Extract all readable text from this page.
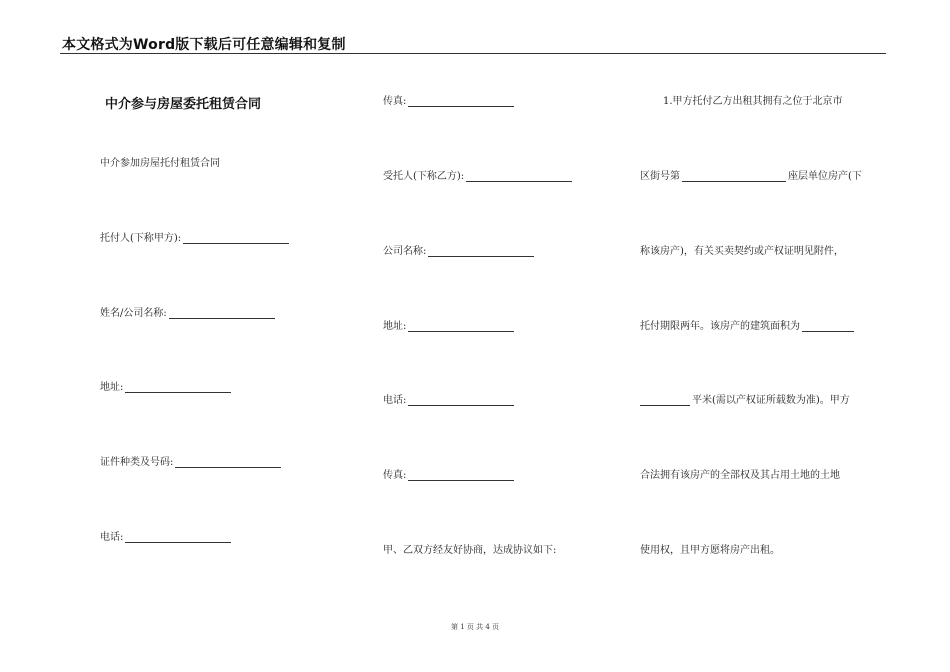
本文格式为Word版下载后可任意编辑和复制
中介参与房屋委托租赁合同
中介参加房屋托付租赁合同
托付人(下称甲方):
姓名/公司名称:
地址:
证件种类及号码:
电话:
传真:
受托人(下称乙方):
公司名称:
地址:
电话:
传真:
甲、乙双方经友好协商，达成协议如下:
1.甲方托付乙方出租其拥有之位于北京市
区街号第	座层单位房产(下
称该房产)，有关买卖契约或产权证明见附件，
托付期限两年。该房产的建筑面积为
平米(需以产权证所载数为准)。甲方
合法拥有该房产的全部权及其占用土地的土地
使用权，且甲方愿将房产出租。
第 1 页 共 4 页
